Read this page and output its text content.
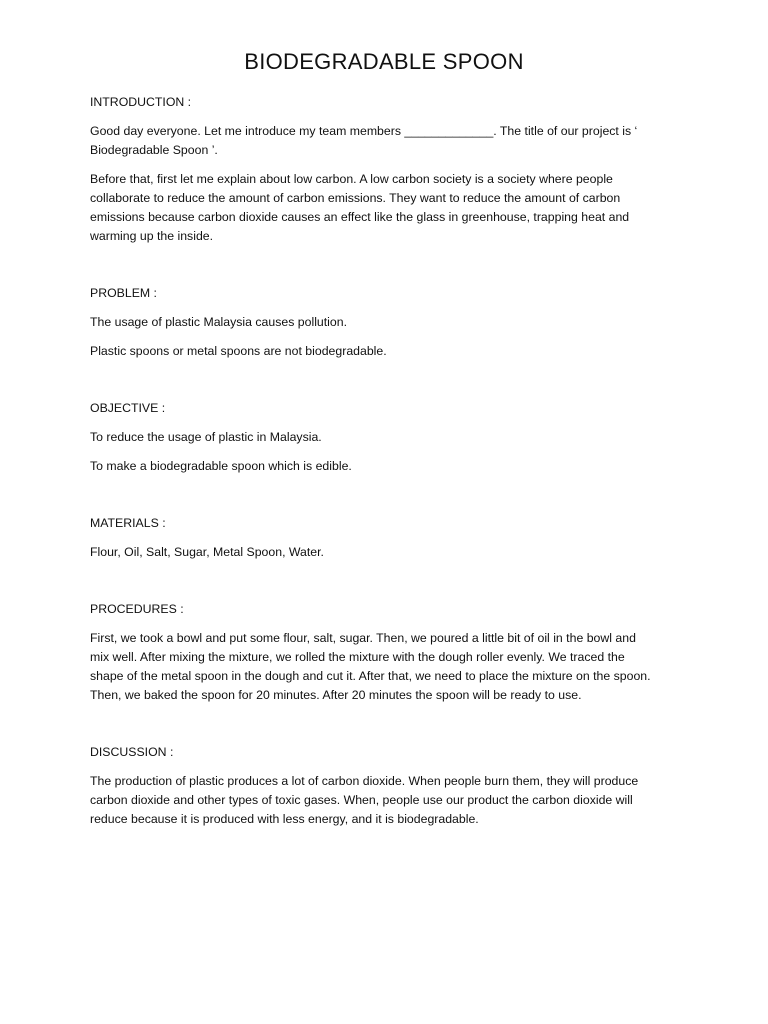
BIODEGRADABLE SPOON

INTRODUCTION :

Good day everyone. Let me introduce my team members _____________. The title of our project is ‘

Biodegradable Spoon ’.

Before that, first let me explain about low carbon. A low carbon society is a society where people

collaborate to reduce the amount of carbon emissions. They want to reduce the amount of carbon

emissions because carbon dioxide causes an effect like the glass in greenhouse, trapping heat and

warming up the inside.

PROBLEM :

The usage of plastic Malaysia causes pollution.

Plastic spoons or metal spoons are not biodegradable.

OBJECTIVE :

To reduce the usage of plastic in Malaysia.

To make a biodegradable spoon which is edible.

MATERIALS :

Flour, Oil, Salt, Sugar, Metal Spoon, Water.

PROCEDURES :

First, we took a bowl and put some flour, salt, sugar. Then, we poured a little bit of oil in the bowl and

mix well. After mixing the mixture, we rolled the mixture with the dough roller evenly. We traced the

shape of the metal spoon in the dough and cut it. After that, we need to place the mixture on the spoon.

Then, we baked the spoon for 20 minutes. After 20 minutes the spoon will be ready to use.

DISCUSSION :

The production of plastic produces a lot of carbon dioxide. When people burn them, they will produce

carbon dioxide and other types of toxic gases. When, people use our product the carbon dioxide will

reduce because it is produced with less energy, and it is biodegradable.
